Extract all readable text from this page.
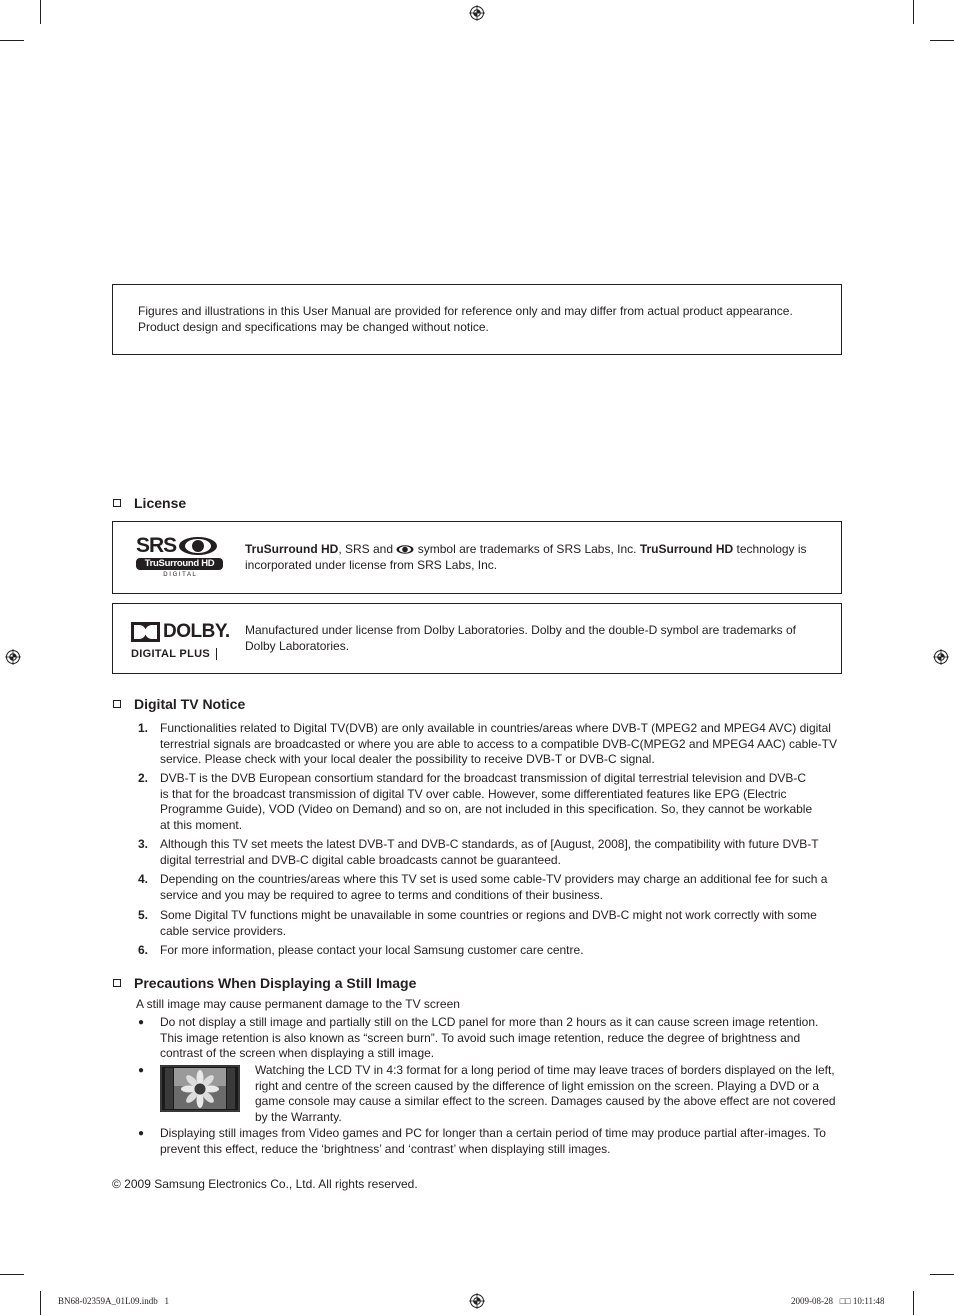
Figures and illustrations in this User Manual are provided for reference only and may differ from actual product appearance. Product design and specifications may be changed without notice.
License
SRS
TruSurround HD
D I G I T A L
TruSurround HD, SRS and symbol are trademarks of SRS Labs, Inc. TruSurround HD technology is incorporated under license from SRS Labs, Inc.
DOLBY.
DIGITAL PLUS
Manufactured under license from Dolby Laboratories. Dolby and the double-D symbol are trademarks of Dolby Laboratories.
Digital TV Notice
1. Functionalities related to Digital TV(DVB) are only available in countries/areas where DVB-T (MPEG2 and MPEG4 AVC) digital terrestrial signals are broadcasted or where you are able to access to a compatible DVB-C(MPEG2 and MPEG4 AAC) cable-TV service. Please check with your local dealer the possibility to receive DVB-T or DVB-C signal.
2. DVB-T is the DVB European consortium standard for the broadcast transmission of digital terrestrial television and DVB-C is that for the broadcast transmission of digital TV over cable. However, some differentiated features like EPG (Electric Programme Guide), VOD (Video on Demand) and so on, are not included in this specification. So, they cannot be workable at this moment.
3. Although this TV set meets the latest DVB-T and DVB-C standards, as of [August, 2008], the compatibility with future DVB-T digital terrestrial and DVB-C digital cable broadcasts cannot be guaranteed.
4. Depending on the countries/areas where this TV set is used some cable-TV providers may charge an additional fee for such a service and you may be required to agree to terms and conditions of their business.
5. Some Digital TV functions might be unavailable in some countries or regions and DVB-C might not work correctly with some cable service providers.
6. For more information, please contact your local Samsung customer care centre.
Precautions When Displaying a Still Image
A still image may cause permanent damage to the TV screen
● Do not display a still image and partially still on the LCD panel for more than 2 hours as it can cause screen image retention. This image retention is also known as “screen burn”. To avoid such image retention, reduce the degree of brightness and contrast of the screen when displaying a still image.
●	Watching the LCD TV in 4:3 format for a long period of time may leave traces of borders displayed on the left, right and centre of the screen caused by the difference of light emission on the screen. Playing a DVD or a game console may cause a similar effect to the screen. Damages caused by the above effect are not covered by the Warranty.
● Displaying still images from Video games and PC for longer than a certain period of time may produce partial after-images. To prevent this effect, reduce the ‘brightness’ and ‘contrast’ when displaying still images.
© 2009 Samsung Electronics Co., Ltd. All rights reserved.
BN68-02359A_01L09.indb   1	2009-08-28   □□ 10:11:48
